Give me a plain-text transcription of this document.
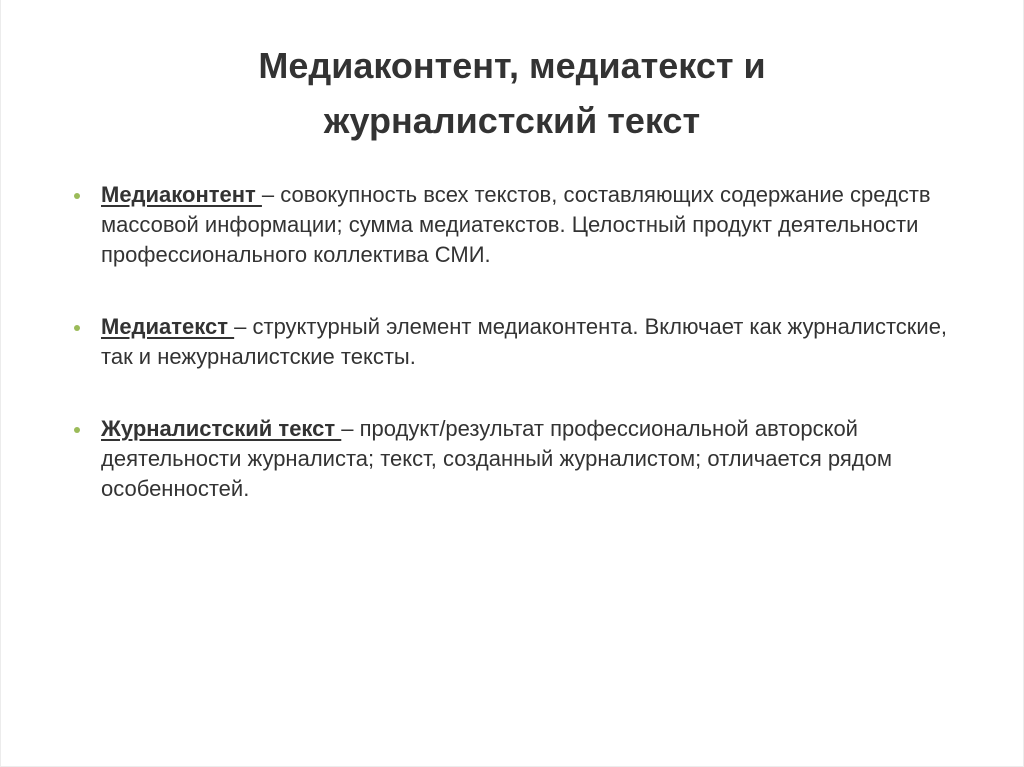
Медиаконтент, медиатекст и
журналистский текст
Медиаконтент – совокупность всех текстов, составляющих содержание средств массовой информации; сумма медиатекстов. Целостный продукт деятельности профессионального коллектива СМИ.
Медиатекст – структурный элемент медиаконтента. Включает как журналистские, так и нежурналистские тексты.
Журналистский текст – продукт/результат профессиональной авторской деятельности журналиста; текст, созданный журналистом; отличается рядом особенностей.
